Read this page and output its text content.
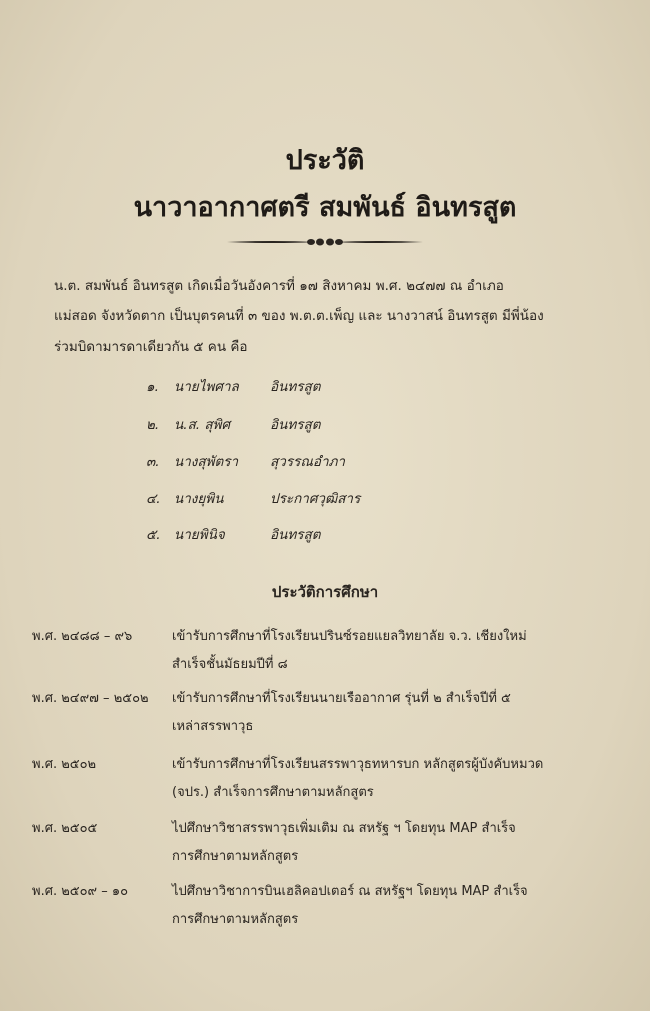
ประวัติ
นาวาอากาศตรี สมพันธ์ อินทรสูต
น.ต. สมพันธ์ อินทรสูต เกิดเมื่อวันอังคารที่ ๑๗ สิงหาคม พ.ศ. ๒๔๗๗ ณ อำเภอ
แม่สอด จังหวัดตาก เป็นบุตรคนที่ ๓ ของ พ.ต.ต.เพ็ญ และ นางวาสน์ อินทรสูต มีพี่น้อง
ร่วมบิดามารดาเดียวกัน ๕ คน คือ
๑.	นายไพศาล อินทรสูต
๒.	น.ส. สุพิศ	อินทรสูต
๓.	นางสุพัตรา สุวรรณอำภา
๔. นางยุพิน	ประกาศวุฒิสาร
๕. นายพินิจ	อินทรสูต
ประวัติการศึกษา
พ.ศ. ๒๔๘๘ – ๙๖	เข้ารับการศึกษาที่โรงเรียนปรินซ์รอยแยลวิทยาลัย จ.ว. เชียงใหม่
สำเร็จชั้นมัธยมปีที่ ๘
พ.ศ. ๒๔๙๗ – ๒๕๐๒	เข้ารับการศึกษาที่โรงเรียนนายเรืออากาศ รุ่นที่ ๒ สำเร็จปีที่ ๕
เหล่าสรรพาวุธ
พ.ศ. ๒๕๐๒	เข้ารับการศึกษาที่โรงเรียนสรรพาวุธทหารบก หลักสูตรผู้บังคับหมวด
(จปร.) สำเร็จการศึกษาตามหลักสูตร
พ.ศ. ๒๕๐๕	ไปศึกษาวิชาสรรพาวุธเพิ่มเติม ณ สหรัฐ ฯ โดยทุน MAP สำเร็จ
การศึกษาตามหลักสูตร
พ.ศ. ๒๕๐๙ – ๑๐	ไปศึกษาวิชาการบินเฮลิคอปเตอร์ ณ สหรัฐฯ โดยทุน MAP สำเร็จ
การศึกษาตามหลักสูตร
